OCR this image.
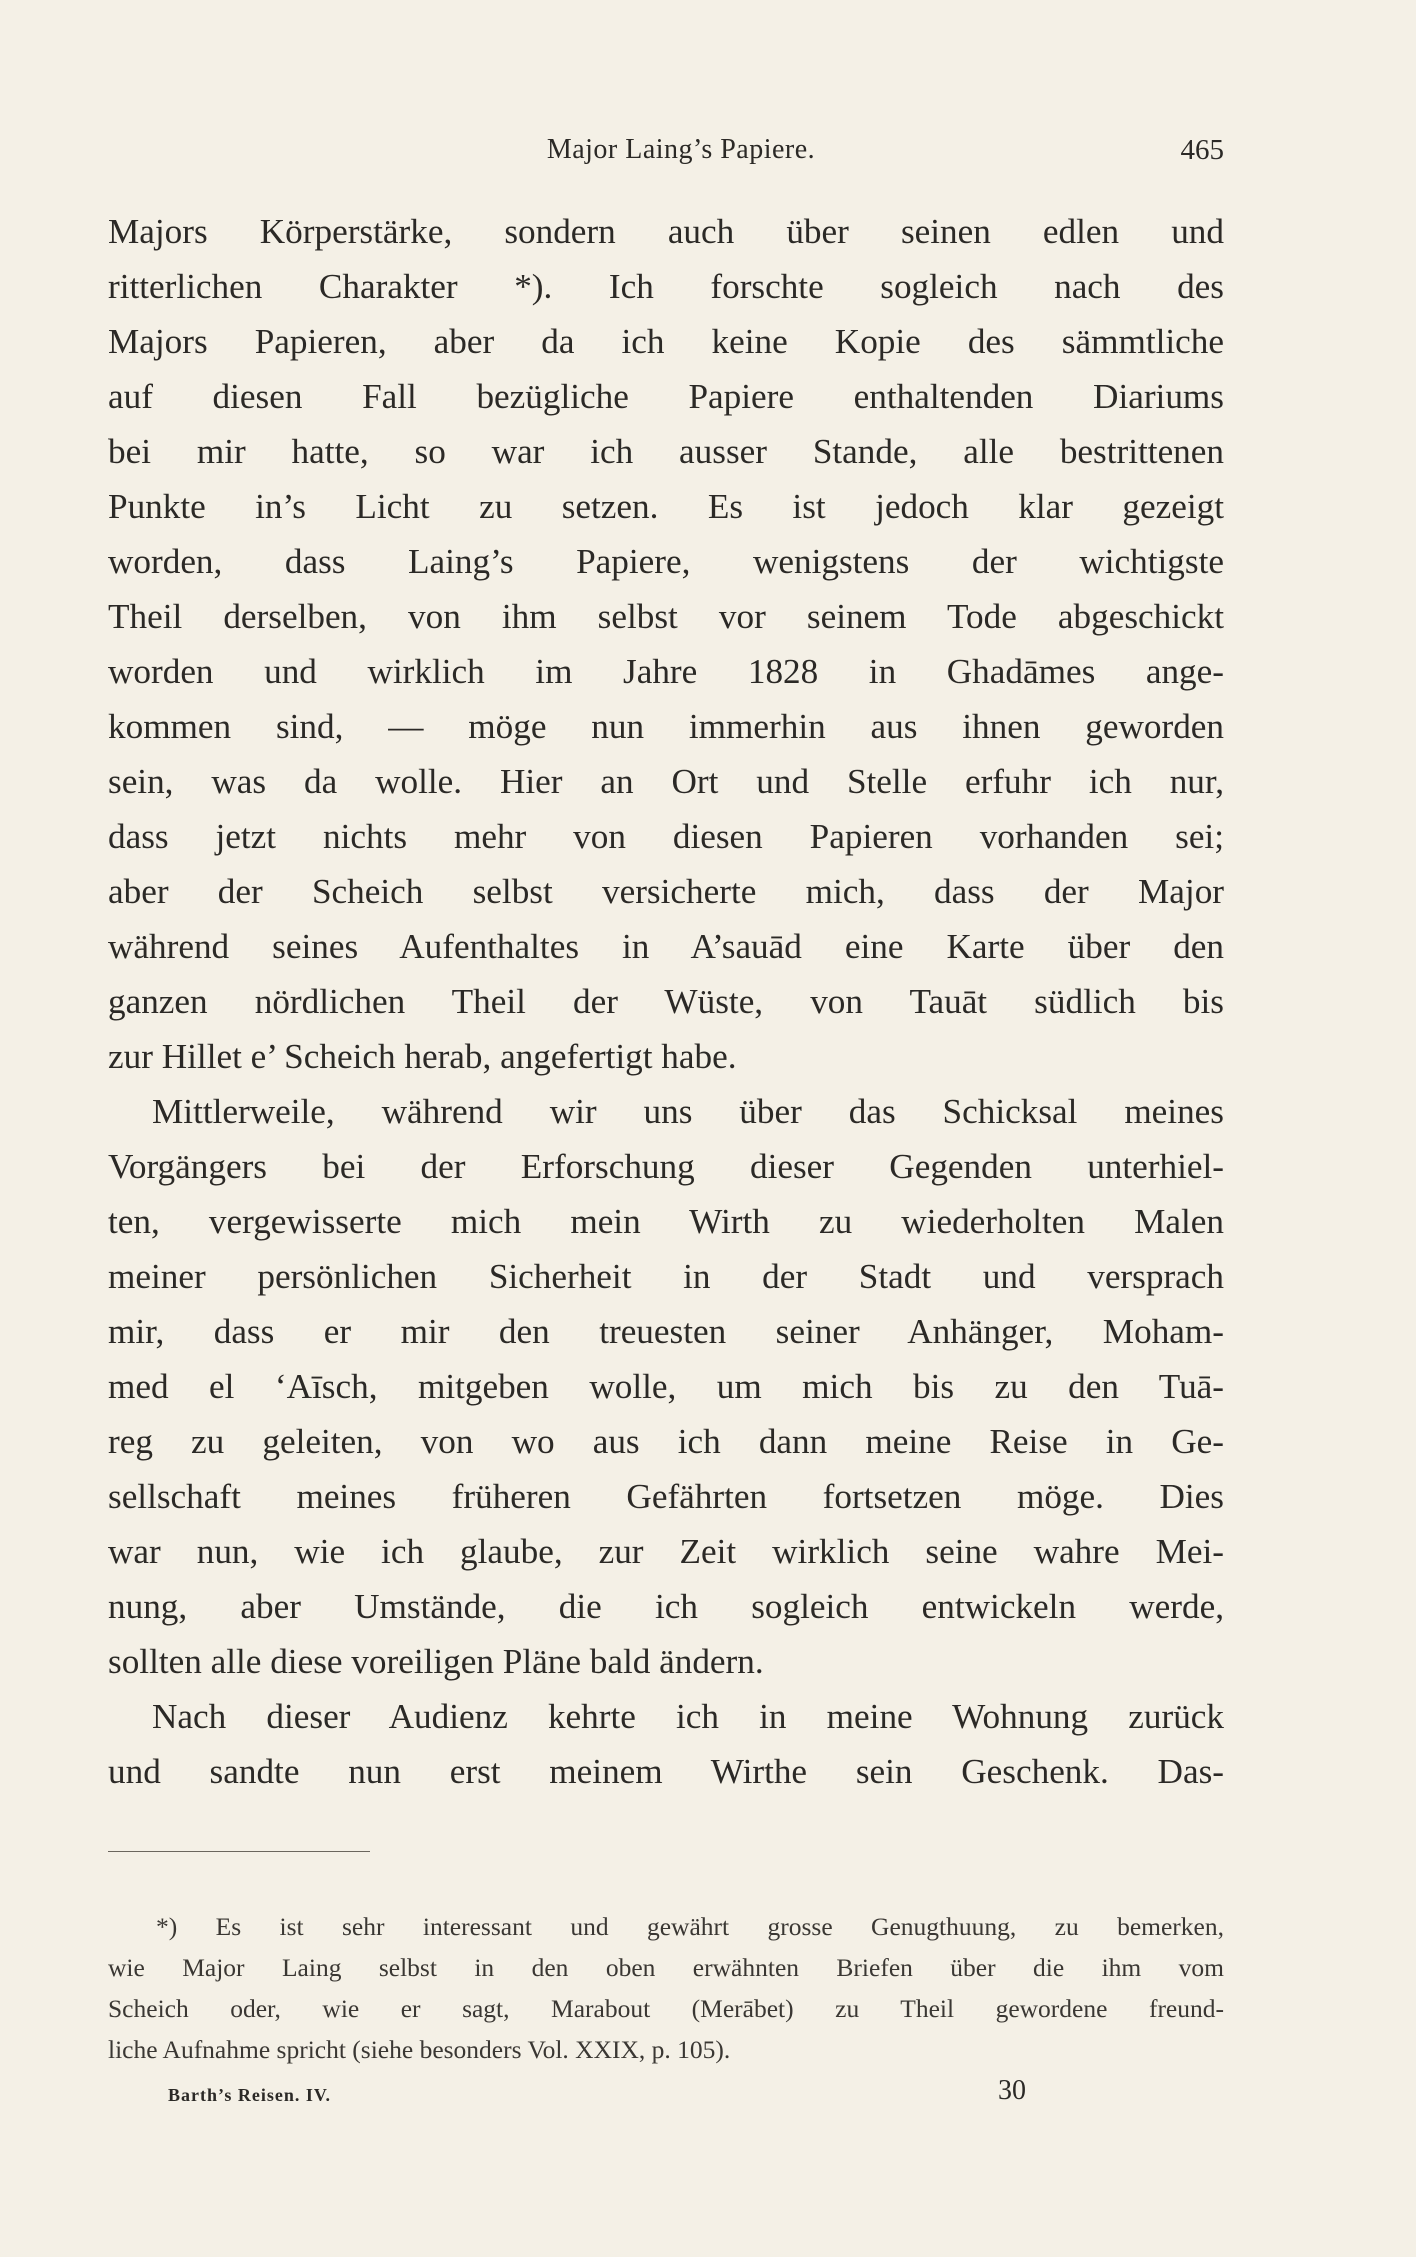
Major Laing’s Papiere.	465
Majors Körperstärke, sondern auch über seinen edlen und
ritterlichen Charakter *). Ich forschte sogleich nach des
Majors Papieren, aber da ich keine Kopie des sämmtliche
auf diesen Fall bezügliche Papiere enthaltenden Diariums
bei mir hatte, so war ich ausser Stande, alle bestrittenen
Punkte in’s Licht zu setzen. Es ist jedoch klar gezeigt
worden, dass Laing’s Papiere, wenigstens der wichtigste
Theil derselben, von ihm selbst vor seinem Tode abgeschickt
worden und wirklich im Jahre 1828 in Ghadāmes ange-
kommen sind, — möge nun immerhin aus ihnen geworden
sein, was da wolle. Hier an Ort und Stelle erfuhr ich nur,
dass jetzt nichts mehr von diesen Papieren vorhanden sei;
aber der Scheich selbst versicherte mich, dass der Major
während seines Aufenthaltes in A’sauād eine Karte über den
ganzen nördlichen Theil der Wüste, von Tauāt südlich bis
zur Hillet e’ Scheich herab, angefertigt habe.
Mittlerweile, während wir uns über das Schicksal meines
Vorgängers bei der Erforschung dieser Gegenden unterhiel-
ten, vergewisserte mich mein Wirth zu wiederholten Malen
meiner persönlichen Sicherheit in der Stadt und versprach
mir, dass er mir den treuesten seiner Anhänger, Moham-
med el ‘Aīsch, mitgeben wolle, um mich bis zu den Tuā-
reg zu geleiten, von wo aus ich dann meine Reise in Ge-
sellschaft meines früheren Gefährten fortsetzen möge. Dies
war nun, wie ich glaube, zur Zeit wirklich seine wahre Mei-
nung, aber Umstände, die ich sogleich entwickeln werde,
sollten alle diese voreiligen Pläne bald ändern.
Nach dieser Audienz kehrte ich in meine Wohnung zurück
und sandte nun erst meinem Wirthe sein Geschenk. Das-
*) Es ist sehr interessant und gewährt grosse Genugthuung, zu bemerken,
wie Major Laing selbst in den oben erwähnten Briefen über die ihm vom
Scheich oder, wie er sagt, Marabout (Merābet) zu Theil gewordene freund-
liche Aufnahme spricht (siehe besonders Vol. XXIX, p. 105).
Barth’s Reisen. IV.	30
